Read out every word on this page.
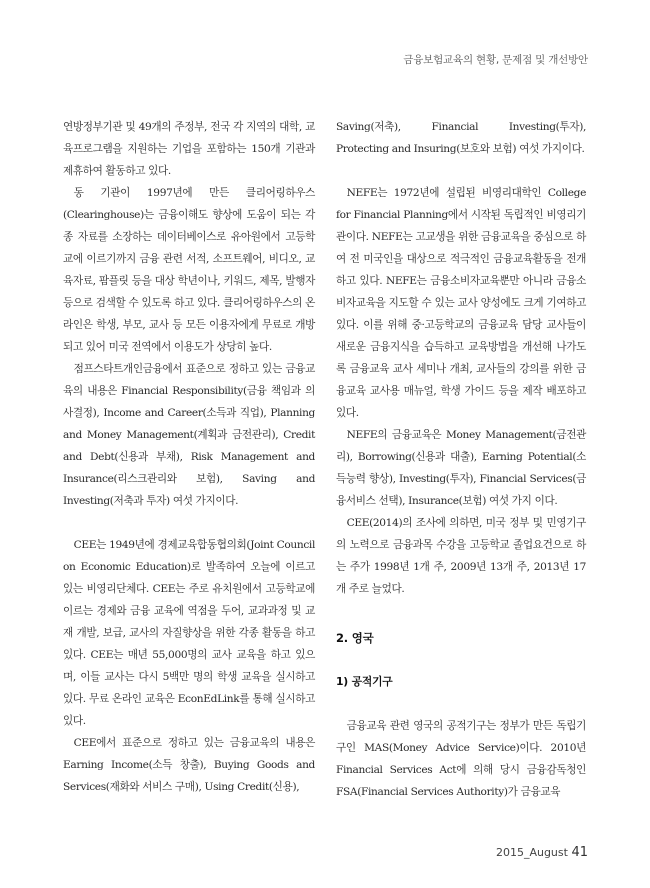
금융보험교육의 현황, 문제점 및 개선방안

연방정부기관 및 49개의 주정부, 전국 각 지역의 대학, 교육프로그램을 지원하는 기업을 포함하는 150개 기관과 제휴하여 활동하고 있다.

동 기관이 1997년에 만든 클리어링하우스(Clearinghouse)는 금융이해도 향상에 도움이 되는 각종 자료를 소장하는 데이터베이스로 유아원에서 고등학교에 이르기까지 금융 관련 서적, 소프트웨어, 비디오, 교육자료, 팜플릿 등을 대상 학년이나, 키워드, 제목, 발행자 등으로 검색할 수 있도록 하고 있다. 클리어링하우스의 온라인은 학생, 부모, 교사 등 모든 이용자에게 무료로 개방되고 있어 미국 전역에서 이용도가 상당히 높다.

점프스타트개인금융에서 표준으로 정하고 있는 금융교육의 내용은 Financial Responsibility(금융 책임과 의사결정), Income and Career(소득과 직업), Planning and Money Management(계획과 금전관리), Credit and Debt(신용과 부채), Risk Management and Insurance(리스크관리와 보험), Saving and Investing(저축과 투자) 여섯 가지이다.

CEE는 1949년에 경제교육합동협의회(Joint Council on Economic Education)로 발족하여 오늘에 이르고 있는 비영리단체다. CEE는 주로 유치원에서 고등학교에 이르는 경제와 금융 교육에 역점을 두어, 교과과정 및 교재 개발, 보급, 교사의 자질향상을 위한 각종 활동을 하고 있다. CEE는 매년 55,000명의 교사 교육을 하고 있으며, 이들 교사는 다시 5백만 명의 학생 교육을 실시하고 있다. 무료 온라인 교육은 EconEdLink를 통해 실시하고 있다.

CEE에서 표준으로 정하고 있는 금융교육의 내용은 Earning Income(소득 창출), Buying Goods and Services(재화와 서비스 구매), Using Credit(신용),

Saving(저축), Financial Investing(투자), Protecting and Insuring(보호와 보험) 여섯 가지이다.

NEFE는 1972년에 설립된 비영리대학인 College for Financial Planning에서 시작된 독립적인 비영리기관이다. NEFE는 고교생을 위한 금융교육을 중심으로 하여 전 미국인을 대상으로 적극적인 금융교육활동을 전개하고 있다. NEFE는 금융소비자교육뿐만 아니라 금융소비자교육을 지도할 수 있는 교사 양성에도 크게 기여하고 있다. 이를 위해 중·고등학교의 금융교육 담당 교사들이 새로운 금융지식을 습득하고 교육방법을 개선해 나가도록 금융교육 교사 세미나 개최, 교사들의 강의를 위한 금융교육 교사용 매뉴얼, 학생 가이드 등을 제작 배포하고 있다.

NEFE의 금융교육은 Money Management(금전관리), Borrowing(신용과 대출), Earning Potential(소득능력 향상), Investing(투자), Financial Services(금융서비스 선택), Insurance(보험) 여섯 가지 이다.

CEE(2014)의 조사에 의하면, 미국 정부 및 민영기구의 노력으로 금융과목 수강을 고등학교 졸업요건으로 하는 주가 1998년 1개 주, 2009년 13개 주, 2013년 17개 주로 늘었다.

2. 영국
1) 공적기구

금융교육 관련 영국의 공적기구는 정부가 만든 독립기구인 MAS(Money Advice Service)이다. 2010년 Financial Services Act에 의해 당시 금융감독청인 FSA(Financial Services Authority)가 금융교육

2015_August 41
